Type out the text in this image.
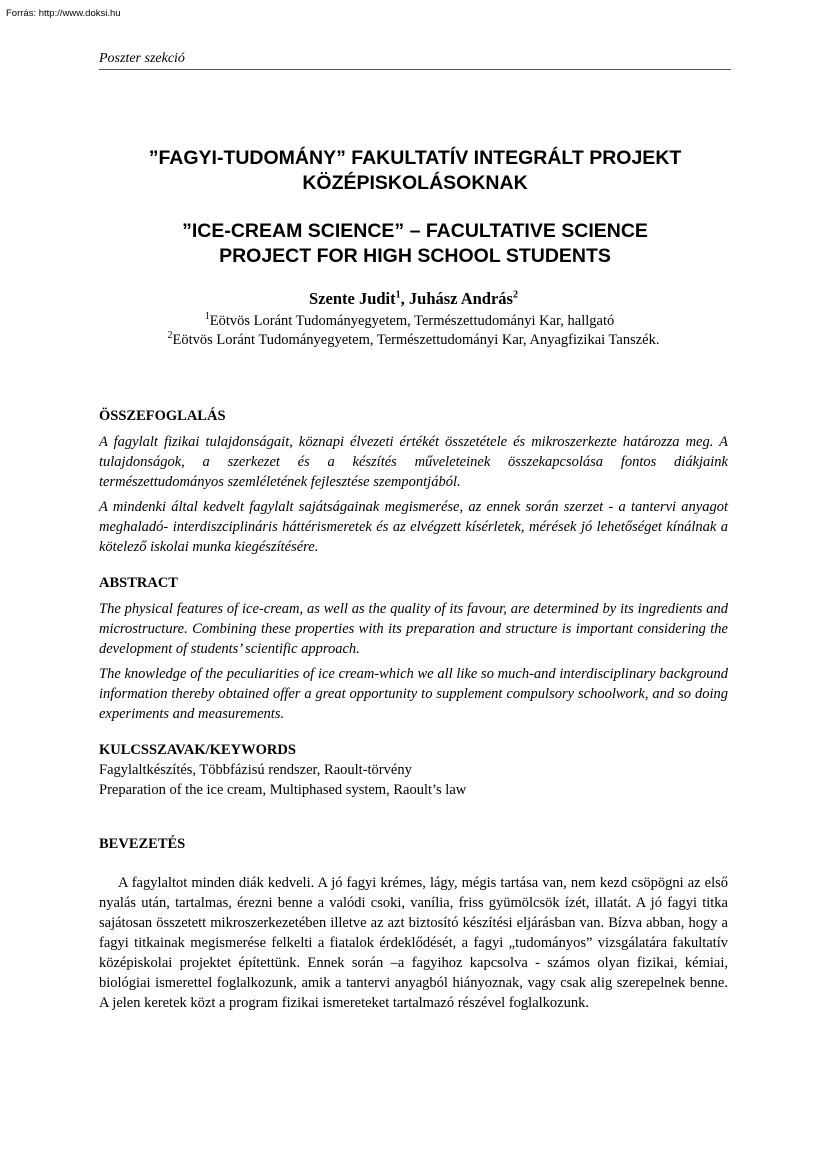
Forrás: http://www.doksi.hu
Poszter szekció
”FAGYI-TUDOMÁNY” FAKULTATÍV INTEGRÁLT PROJEKT
KÖZÉPISKOLÁSOKNAK
”ICE-CREAM SCIENCE” – FACULTATIVE SCIENCE
PROJECT FOR HIGH SCHOOL STUDENTS
Szente Judit$^1$, Juhász András$^2$
$^1$Eötvös Loránt Tudományegyetem, Természettudományi Kar, hallgató
$^2$Eötvös Loránt Tudományegyetem, Természettudományi Kar, Anyagfizikai Tanszék.
ÖSSZEFOGLALÁS
A fagylalt fizikai tulajdonságait, köznapi élvezeti értékét összetétele és mikroszerkezte határozza meg. A tulajdonságok, a szerkezet és a készítés műveleteinek összekapcsolása fontos diákjaink természettudományos szemléletének fejlesztése szempontjából.
A mindenki által kedvelt fagylalt sajátságainak megismerése, az ennek során szerzet - a tantervi anyagot meghaladó- interdiszciplináris háttérismeretek és az elvégzett kísérletek, mérések jó lehetőséget kínálnak a kötelező iskolai munka kiegészítésére.
ABSTRACT
The physical features of ice-cream, as well as the quality of its favour, are determined by its ingredients and microstructure. Combining these properties with its preparation and structure is important considering the development of students’ scientific approach.
The knowledge of the peculiarities of ice cream-which we all like so much-and interdisciplinary background information thereby obtained offer a great opportunity to supplement compulsory schoolwork, and so doing experiments and measurements.
KULCSSZAVAK/KEYWORDS
Fagylaltkészítés, Többfázisú rendszer, Raoult-törvény
Preparation of the ice cream, Multiphased system, Raoult’s law
BEVEZETÉS
A fagylaltot minden diák kedveli. A jó fagyi krémes, lágy, mégis tartása van, nem kezd csöpögni az első nyalás után, tartalmas, érezni benne a valódi csoki, vanília, friss gyümölcsök ízét, illatát. A jó fagyi titka sajátosan összetett mikroszerkezetében illetve az azt biztosító készítési eljárásban van. Bízva abban, hogy a fagyi titkainak megismerése felkelti a fiatalok érdeklődését, a fagyi „tudományos” vizsgálatára fakultatív középiskolai projektet építettünk. Ennek során –a fagyihoz kapcsolva - számos olyan fizikai, kémiai, biológiai ismerettel foglalkozunk, amik a tantervi anyagból hiányoznak, vagy csak alig szerepelnek benne. A jelen keretek közt a program fizikai ismereteket tartalmazó részével foglalkozunk.
